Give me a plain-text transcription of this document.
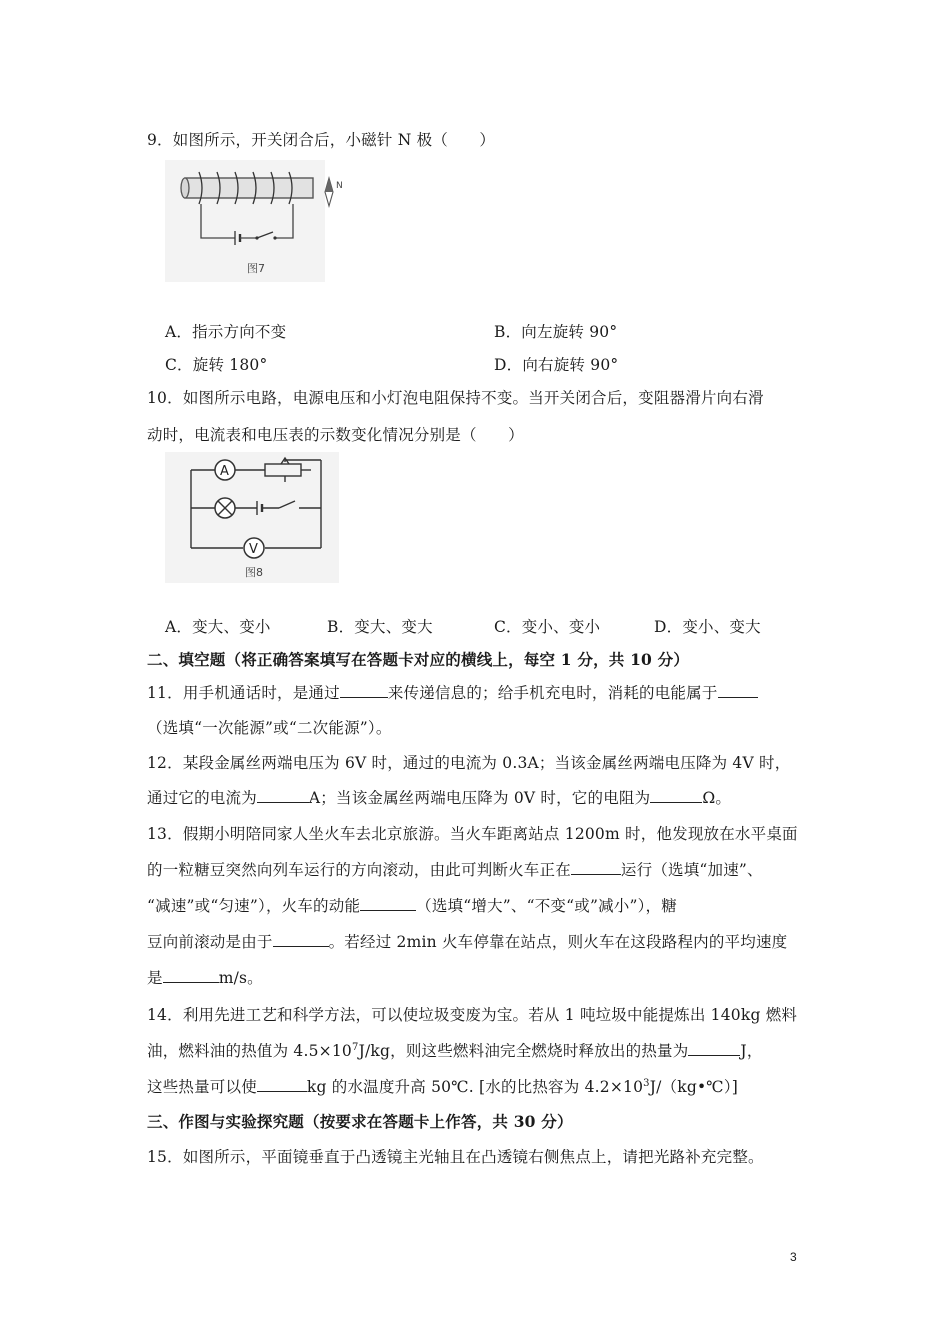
9．如图所示，开关闭合后，小磁针 N 极（　　）
图7
N
A．指示方向不变	B．向左旋转 90°
C．旋转 180°	D．向右旋转 90°
10．如图所示电路，电源电压和小灯泡电阻保持不变。当开关闭合后，变阻器滑片向右滑
动时，电流表和电压表的示数变化情况分别是（　　）
A
V
图8
A．变大、变小	B．变大、变大	C．变小、变小	D．变小、变大
二、填空题（将正确答案填写在答题卡对应的横线上，每空 1 分，共 10 分）
11．用手机通话时，是通过	来传递信息的；给手机充电时，消耗的电能属于
（选填“一次能源”或“二次能源”）。
12．某段金属丝两端电压为 6V 时，通过的电流为 0.3A；当该金属丝两端电压降为 4V 时，
通过它的电流为	A；当该金属丝两端电压降为 0V 时，它的电阻为	Ω。
13．假期小明陪同家人坐火车去北京旅游。当火车距离站点 1200m 时，他发现放在水平桌面
的一粒糖豆突然向列车运行的方向滚动，由此可判断火车正在	运行（选填“加速”、
“减速”或“匀速”），火车的动能	（选填“增大”、“不变“或”减小”），糖
豆向前滚动是由于	。若经过 2min 火车停靠在站点，则火车在这段路程内的平均速度
是	m/s。
14．利用先进工艺和科学方法，可以使垃圾变废为宝。若从 1 吨垃圾中能提炼出 140kg 燃料
油，燃料油的热值为 $4.5\times 10^7J/kg$，则这些燃料油完全燃烧时释放出的热量为	J，
这些热量可以使	kg 的水温度升高 50℃. [水的比热容为 $4.2\times 10^3J/(kg•℃)$]
三、作图与实验探究题（按要求在答题卡上作答，共 30 分）
15．如图所示，平面镜垂直于凸透镜主光轴且在凸透镜右侧焦点上，请把光路补充完整。
3
